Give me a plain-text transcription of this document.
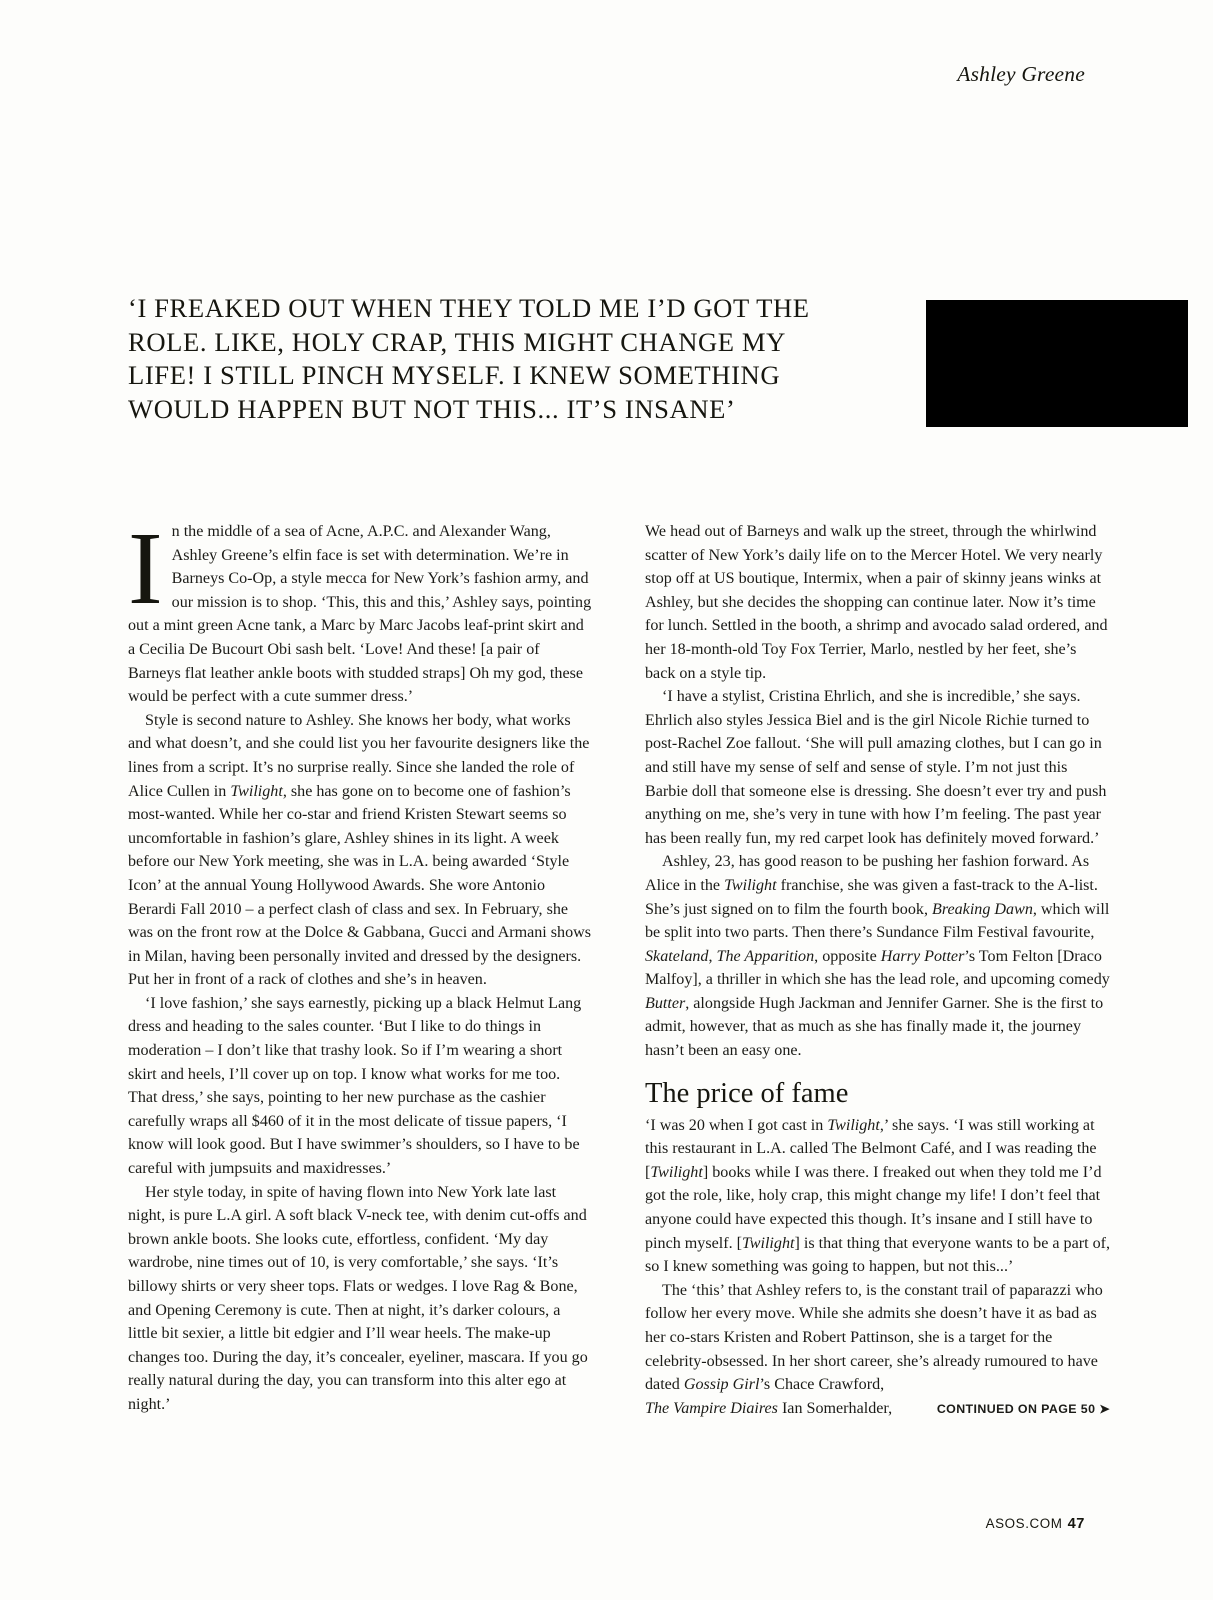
Ashley Greene
‘I FREAKED OUT WHEN THEY TOLD ME I’D GOT THE
ROLE. LIKE, HOLY CRAP, THIS MIGHT CHANGE MY
LIFE! I STILL PINCH MYSELF. I KNEW SOMETHING
WOULD HAPPEN BUT NOT THIS... IT’S INSANE’

In the middle of a sea of Acne, A.P.C. and Alexander Wang, Ashley Greene’s elfin face is set with determination. We’re in Barneys Co-Op, a style mecca for New York’s fashion army, and our mission is to shop. ‘This, this and this,’ Ashley says, pointing out a mint green Acne tank, a Marc by Marc Jacobs leaf-print skirt and a Cecilia De Bucourt Obi sash belt. ‘Love! And these! [a pair of Barneys flat leather ankle boots with studded straps] Oh my god, these would be perfect with a cute summer dress.’

Style is second nature to Ashley. She knows her body, what works and what doesn’t, and she could list you her favourite designers like the lines from a script. It’s no surprise really. Since she landed the role of Alice Cullen in Twilight, she has gone on to become one of fashion’s most-wanted. While her co-star and friend Kristen Stewart seems so uncomfortable in fashion’s glare, Ashley shines in its light. A week before our New York meeting, she was in L.A. being awarded ‘Style Icon’ at the annual Young Hollywood Awards. She wore Antonio Berardi Fall 2010 – a perfect clash of class and sex. In February, she was on the front row at the Dolce & Gabbana, Gucci and Armani shows in Milan, having been personally invited and dressed by the designers. Put her in front of a rack of clothes and she’s in heaven.

‘I love fashion,’ she says earnestly, picking up a black Helmut Lang dress and heading to the sales counter. ‘But I like to do things in moderation – I don’t like that trashy look. So if I’m wearing a short skirt and heels, I’ll cover up on top. I know what works for me too. That dress,’ she says, pointing to her new purchase as the cashier carefully wraps all $460 of it in the most delicate of tissue papers, ‘I know will look good. But I have swimmer’s shoulders, so I have to be careful with jumpsuits and maxidresses.’

Her style today, in spite of having flown into New York late last night, is pure L.A girl. A soft black V-neck tee, with denim cut-offs and brown ankle boots. She looks cute, effortless, confident. ‘My day wardrobe, nine times out of 10, is very comfortable,’ she says. ‘It’s billowy shirts or very sheer tops. Flats or wedges. I love Rag & Bone, and Opening Ceremony is cute. Then at night, it’s darker colours, a little bit sexier, a little bit edgier and I’ll wear heels. The make-up changes too. During the day, it’s concealer, eyeliner, mascara. If you go really natural during the day, you can transform into this alter ego at night.’

We head out of Barneys and walk up the street, through the whirlwind scatter of New York’s daily life on to the Mercer Hotel. We very nearly stop off at US boutique, Intermix, when a pair of skinny jeans winks at Ashley, but she decides the shopping can continue later. Now it’s time for lunch. Settled in the booth, a shrimp and avocado salad ordered, and her 18-month-old Toy Fox Terrier, Marlo, nestled by her feet, she’s back on a style tip.

‘I have a stylist, Cristina Ehrlich, and she is incredible,’ she says. Ehrlich also styles Jessica Biel and is the girl Nicole Richie turned to post-Rachel Zoe fallout. ‘She will pull amazing clothes, but I can go in and still have my sense of self and sense of style. I’m not just this Barbie doll that someone else is dressing. She doesn’t ever try and push anything on me, she’s very in tune with how I’m feeling. The past year has been really fun, my red carpet look has definitely moved forward.’

Ashley, 23, has good reason to be pushing her fashion forward. As Alice in the Twilight franchise, she was given a fast-track to the A-list. She’s just signed on to film the fourth book, Breaking Dawn, which will be split into two parts. Then there’s Sundance Film Festival favourite, Skateland, The Apparition, opposite Harry Potter’s Tom Felton [Draco Malfoy], a thriller in which she has the lead role, and upcoming comedy Butter, alongside Hugh Jackman and Jennifer Garner. She is the first to admit, however, that as much as she has finally made it, the journey hasn’t been an easy one.

The price of fame

‘I was 20 when I got cast in Twilight,’ she says. ‘I was still working at this restaurant in L.A. called The Belmont Café, and I was reading the [Twilight] books while I was there. I freaked out when they told me I’d got the role, like, holy crap, this might change my life! I don’t feel that anyone could have expected this though. It’s insane and I still have to pinch myself. [Twilight] is that thing that everyone wants to be a part of, so I knew something was going to happen, but not this...’

The ‘this’ that Ashley refers to, is the constant trail of paparazzi who follow her every move. While she admits she doesn’t have it as bad as her co-stars Kristen and Robert Pattinson, she is a target for the celebrity-obsessed. In her short career, she’s already rumoured to have dated Gossip Girl’s Chace Crawford,

The Vampire Diaires Ian Somerhalder,	CONTINUED ON PAGE 50 ➤
ASOS.COM 47
